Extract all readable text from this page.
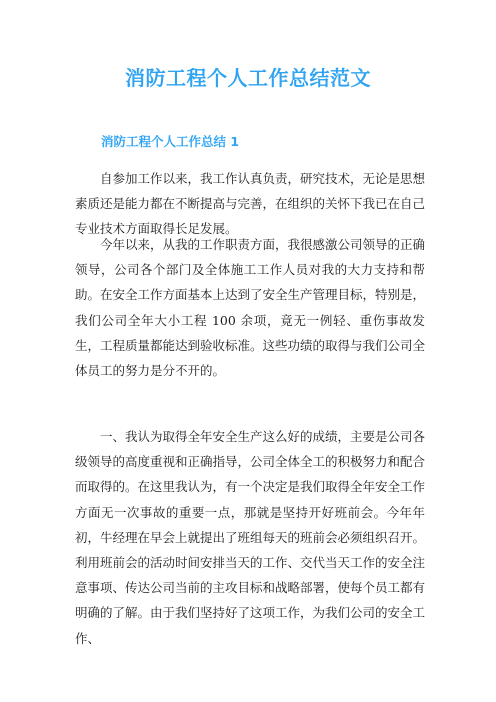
消防工程个人工作总结范文
消防工程个人工作总结 1

自参加工作以来，我工作认真负责，研究技术，无论是思想素质还是能力都在不断提高与完善，在组织的关怀下我已在自己专业技术方面取得长足发展。

今年以来，从我的工作职责方面，我很感激公司领导的正确领导，公司各个部门及全体施工工作人员对我的大力支持和帮助。在安全工作方面基本上达到了安全生产管理目标，特别是，我们公司全年大小工程 100 余项，竟无一例轻、重伤事故发生，工程质量都能达到验收标准。这些功绩的取得与我们公司全体员工的努力是分不开的。

一、我认为取得全年安全生产这么好的成绩，主要是公司各级领导的高度重视和正确指导，公司全体全工的积极努力和配合而取得的。在这里我认为，有一个决定是我们取得全年安全工作方面无一次事故的重要一点，那就是坚持开好班前会。今年年初，牛经理在早会上就提出了班组每天的班前会必须组织召开。利用班前会的活动时间安排当天的工作、交代当天工作的安全注意事项、传达公司当前的主攻目标和战略部署，使每个员工都有明确的了解。由于我们坚持好了这项工作，为我们公司的安全工作、
